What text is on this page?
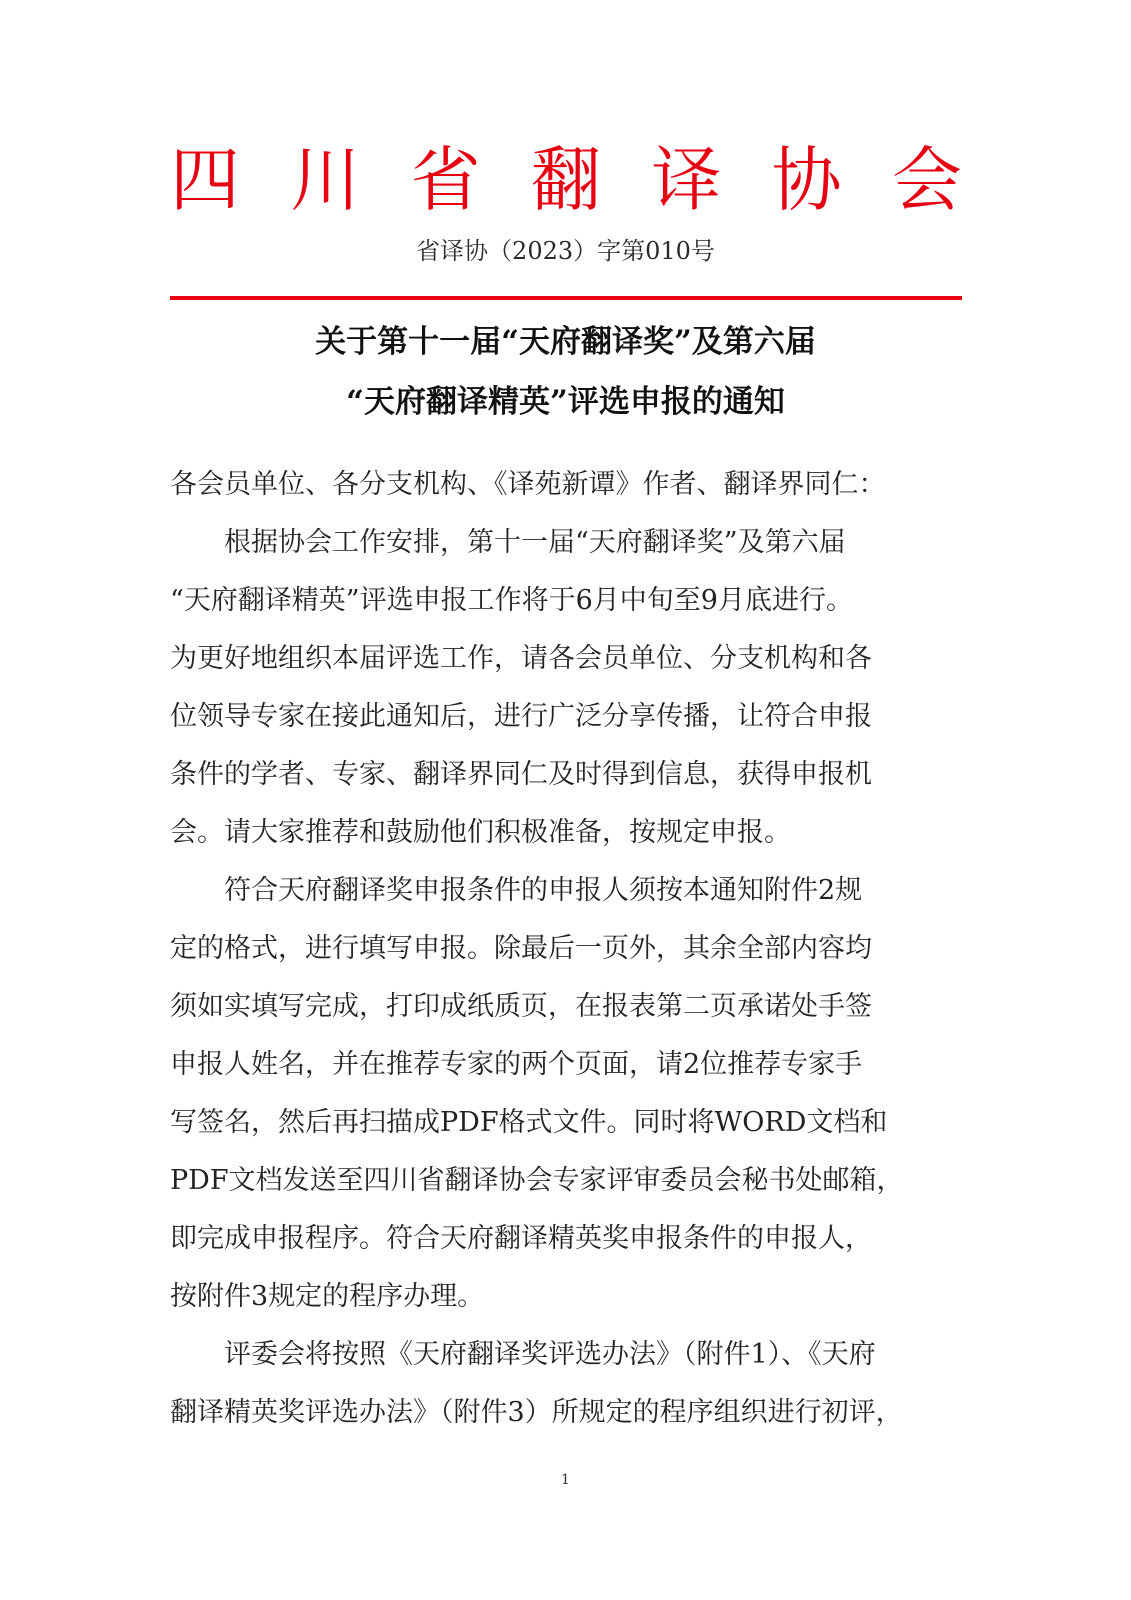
四 川 省 翻 译 协 会
省译协（2023）字第010号
关于第十一届“天府翻译奖”及第六届
“天府翻译精英”评选申报的通知
各会员单位、各分支机构、《译苑新谭》作者、翻译界同仁：
　　根据协会工作安排，第十一届“天府翻译奖”及第六届
“天府翻译精英”评选申报工作将于6月中旬至9月底进行。
为更好地组织本届评选工作，请各会员单位、分支机构和各
位领导专家在接此通知后，进行广泛分享传播，让符合申报
条件的学者、专家、翻译界同仁及时得到信息，获得申报机
会。请大家推荐和鼓励他们积极准备，按规定申报。
　　符合天府翻译奖申报条件的申报人须按本通知附件2规
定的格式，进行填写申报。除最后一页外，其余全部内容均
须如实填写完成，打印成纸质页，在报表第二页承诺处手签
申报人姓名，并在推荐专家的两个页面，请2位推荐专家手
写签名，然后再扫描成PDF格式文件。同时将WORD文档和
PDF文档发送至四川省翻译协会专家评审委员会秘书处邮箱，
即完成申报程序。符合天府翻译精英奖申报条件的申报人，
按附件3规定的程序办理。
　　评委会将按照《天府翻译奖评选办法》（附件1）、《天府
翻译精英奖评选办法》（附件3）所规定的程序组织进行初评，
1
